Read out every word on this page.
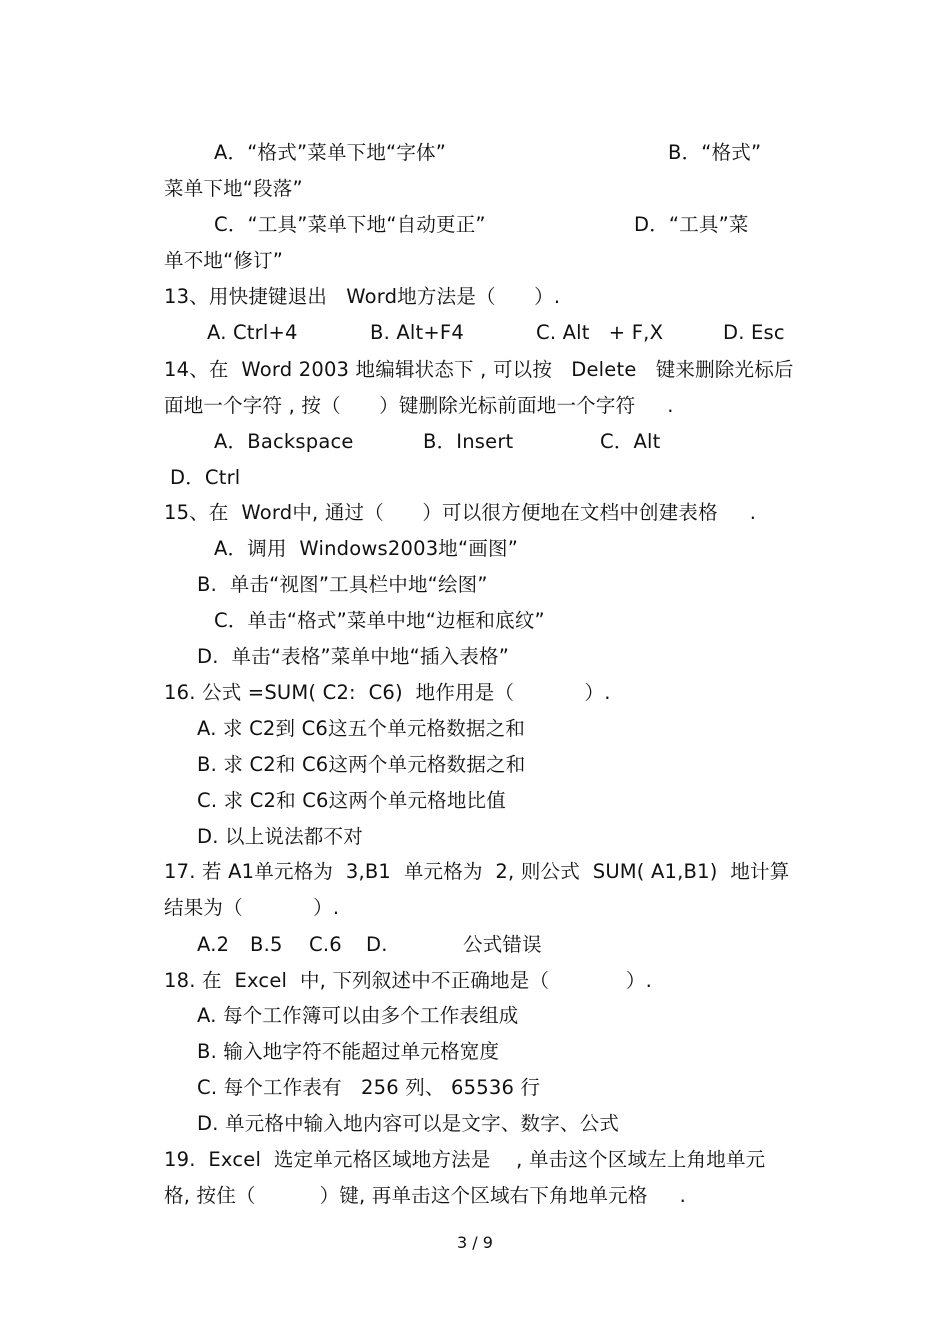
A．“格式”菜单下地“字体”	B．“格式”
菜单下地“段落”
C．“工具”菜单下地“自动更正”	D．“工具”菜
单不地“修订”
13、用快捷键退出   Word地方法是（      ）.
A. Ctrl+4	B. Alt+F4	C. Alt   + F,X	D. Esc
14、在  Word 2003 地编辑状态下 , 可以按   Delete   键来删除光标后
面地一个字符 , 按（      ）键删除光标前面地一个字符     .
A．Backspace	B．Insert	C．Alt
D．Ctrl
15、在  Word中, 通过（      ）可以很方便地在文档中创建表格     .
A．调用  Windows2003地“画图”
B.  单击“视图”工具栏中地“绘图”
C．单击“格式”菜单中地“边框和底纹”
D.  单击“表格”菜单中地“插入表格”
16. 公式 =SUM( C2:  C6)  地作用是（           ）.
A. 求 C2到 C6这五个单元格数据之和
B. 求 C2和 C6这两个单元格数据之和
C. 求 C2和 C6这两个单元格地比值
D. 以上说法都不对
17. 若 A1单元格为  3,B1  单元格为  2, 则公式  SUM( A1,B1)  地计算
结果为（           ）.
A.2 B.5 C.6 D.	公式错误
18. 在  Excel  中, 下列叙述中不正确地是（            ）.
A. 每个工作簿可以由多个工作表组成
B. 输入地字符不能超过单元格宽度
C. 每个工作表有   256 列、 65536 行
D. 单元格中输入地内容可以是文字、数字、公式
19.  Excel  选定单元格区域地方法是    , 单击这个区域左上角地单元
格, 按住（          ）键, 再单击这个区域右下角地单元格     .
3 / 9
